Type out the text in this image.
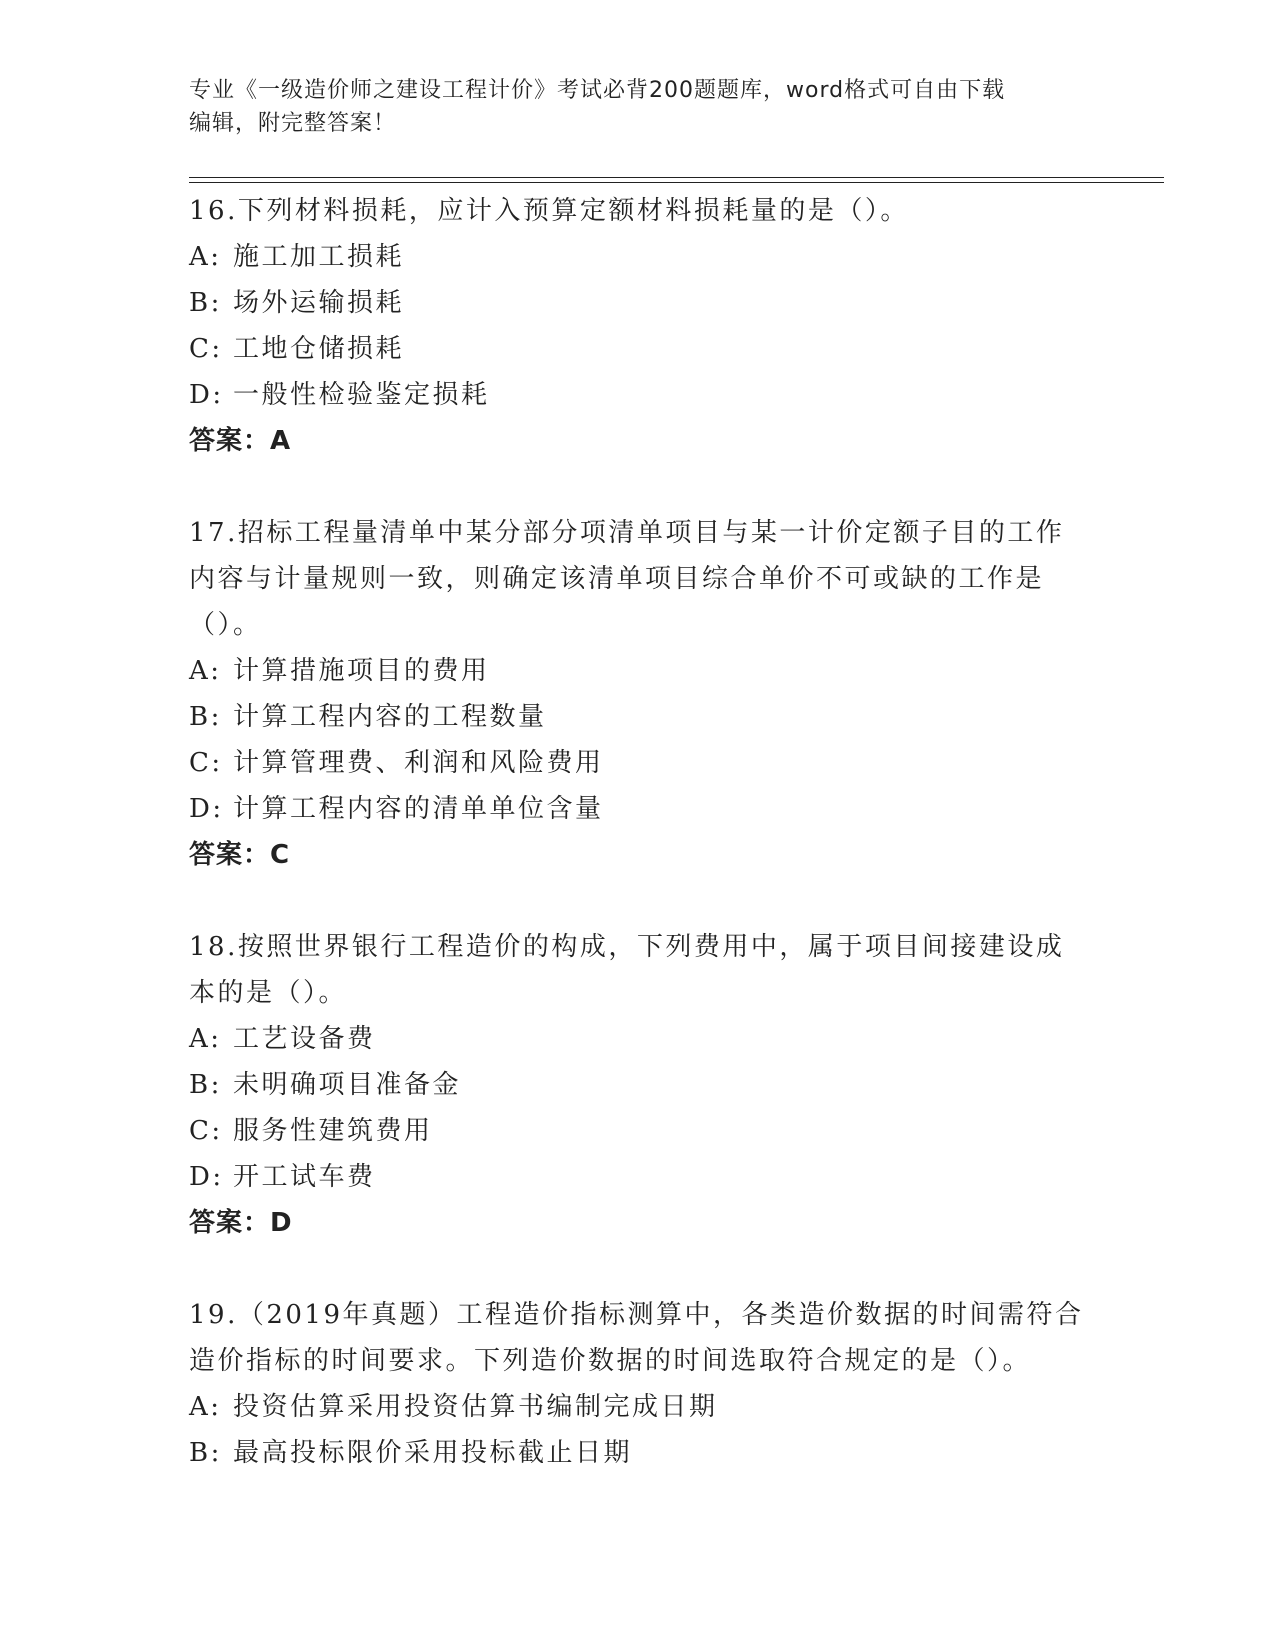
专业《一级造价师之建设工程计价》考试必背200题题库，word格式可自由下载
编辑，附完整答案！
16.下列材料损耗，应计入预算定额材料损耗量的是（）。
A: 施工加工损耗
B: 场外运输损耗
C: 工地仓储损耗
D: 一般性检验鉴定损耗
答案：A
17.招标工程量清单中某分部分项清单项目与某一计价定额子目的工作内容与计量规则一致，则确定该清单项目综合单价不可或缺的工作是（）。
A: 计算措施项目的费用
B: 计算工程内容的工程数量
C: 计算管理费、利润和风险费用
D: 计算工程内容的清单单位含量
答案：C
18.按照世界银行工程造价的构成，下列费用中，属于项目间接建设成本的是（）。
A: 工艺设备费
B: 未明确项目准备金
C: 服务性建筑费用
D: 开工试车费
答案：D
19.（2019年真题）工程造价指标测算中，各类造价数据的时间需符合造价指标的时间要求。下列造价数据的时间选取符合规定的是（）。
A: 投资估算采用投资估算书编制完成日期
B: 最高投标限价采用投标截止日期
